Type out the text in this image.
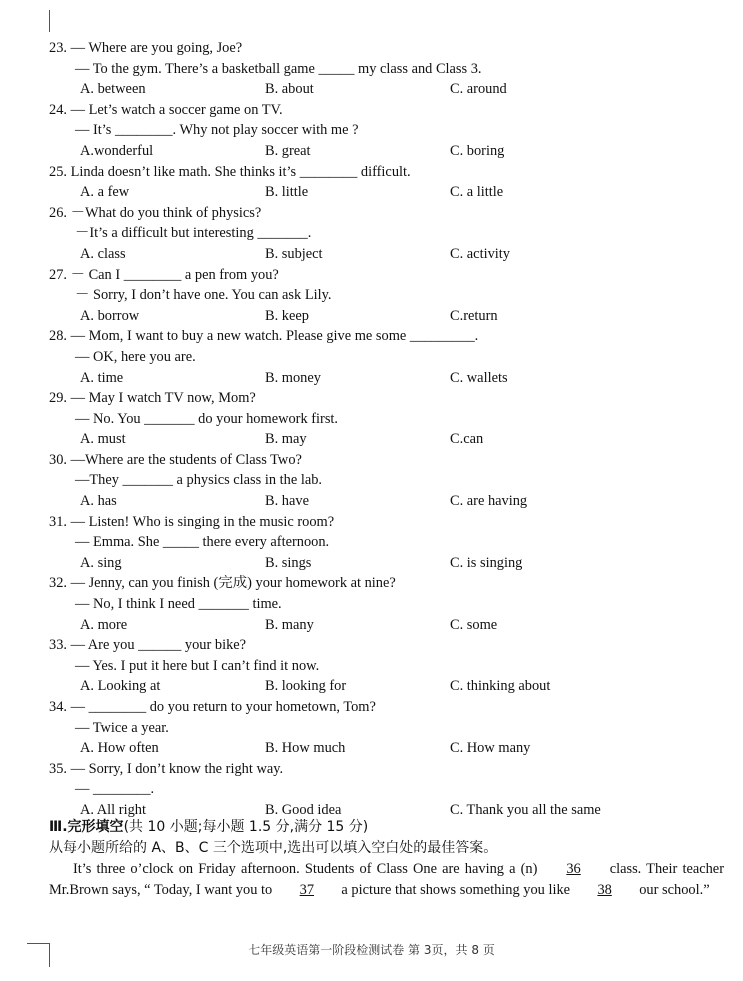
23. — Where are you going, Joe?
— To the gym. There’s a basketball game _____ my class and Class 3.
A. between	B. about	C. around
24. — Let’s watch a soccer game on TV.
— It’s ________. Why not play soccer with me ?
A.wonderful	B. great	C. boring
25. Linda doesn’t like math. She thinks it’s ________ difficult.
A. a few	B. little	C. a little
26. －What do you think of physics?
－It’s a difficult but interesting _______.
A. class	B. subject	C. activity
27. － Can I ________ a pen from you?
－ Sorry, I don’t have one. You can ask Lily.
A. borrow	B. keep	C.return
28. — Mom, I want to buy a new watch. Please give me some _________.
— OK, here you are.
A. time	B. money	C. wallets
29. — May I watch TV now, Mom?
— No. You _______ do your homework first.
A. must	B. may	C.can
30. —Where are the students of Class Two?
—They _______ a physics class in the lab.
A. has	B. have	C. are having
31. — Listen! Who is singing in the music room?
— Emma. She _____ there every afternoon.
A. sing	B. sings	C. is singing
32. — Jenny, can you finish (完成) your homework at nine?
— No, I think I need _______ time.
A. more	B. many	C. some
33. — Are you ______ your bike?
— Yes. I put it here but I can’t find it now.
A. Looking at	B. looking for	C. thinking about
34. — ________ do you return to your hometown, Tom?
— Twice a year.
A. How often	B. How much	C. How many
35. — Sorry, I don’t know the right way.
— ________.
A. All right	B. Good idea	C. Thank you all the same
Ⅲ.完形填空(共 10 小题;每小题 1.5 分,满分 15 分)
从每小题所给的 A、B、C 三个选项中,选出可以填入空白处的最佳答案。
It’s three o’clock on Friday afternoon. Students of Class One are having a (n) 36 class. Their teacher Mr.Brown says, “ Today, I want you to 37 a picture that shows something you like 38 our school.”
七年级英语第一阶段检测试卷 第 3页，共 8 页
